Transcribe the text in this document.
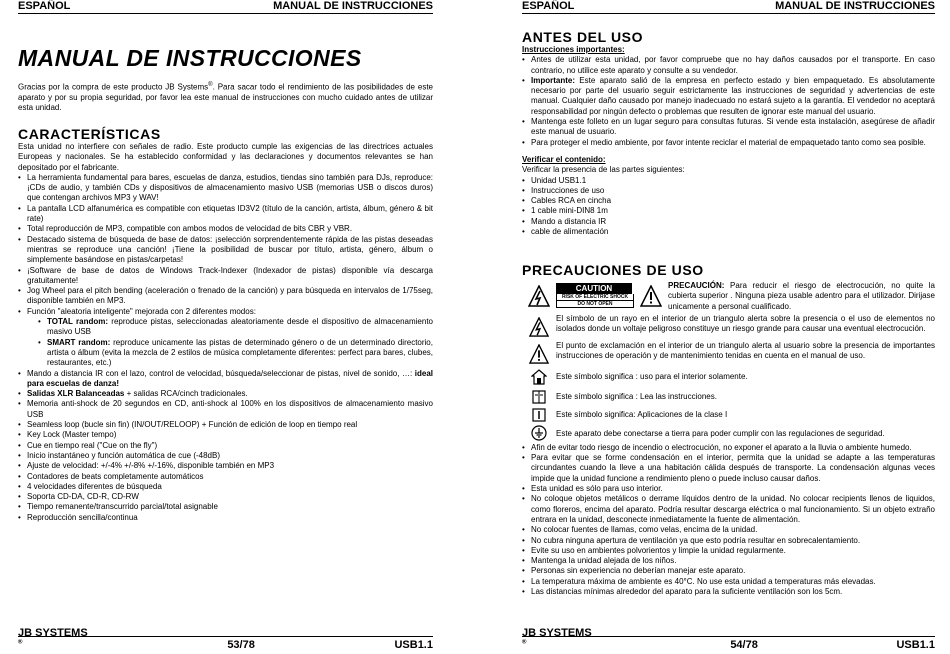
ESPAÑOL	MANUAL DE INSTRUCCIONES
MANUAL DE INSTRUCCIONES

Gracias por la compra de este producto JB Systems®. Para sacar todo el rendimiento de las posibilidades de este aparato y por su propia seguridad, por favor lea este manual de instrucciones con mucho cuidado antes de utilizar esta unidad.

CARACTERÍSTICAS

Esta unidad no interfiere con señales de radio. Este producto cumple las exigencias de las directrices actuales Europeas y nacionales. Se ha establecido conformidad y las declaraciones y documentos relevantes se han depositado por el fabricante.

• La herramienta fundamental para bares, escuelas de danza, estudios, tiendas sino también para DJs, reproduce: ¡CDs de audio, y también CDs y dispositivos de almacenamiento masivo USB (memorias USB o discos duros) que contengan archivos MP3 y WAV!
• La pantalla LCD alfanumérica es compatible con etiquetas ID3V2 (título de la canción, artista, álbum, género & bit rate)
• Total reproducción de MP3, compatible con ambos modos de velocidad de bits CBR y VBR.
• Destacado sistema de búsqueda de base de datos: ¡selección sorprendentemente rápida de las pistas deseadas mientras se reproduce una canción! ¡Tiene la posibilidad de buscar por título, artista, género, álbum o simplemente basándose en pistas/carpetas!
• ¡Software de base de datos de Windows Track-Indexer (Indexador de pistas) disponible vía descarga gratuitamente!
• Jog Wheel para el pitch bending (aceleración o frenado de la canción) y para búsqueda en intervalos de 1/75seg, disponible también en MP3.
• Función "aleatoria inteligente" mejorada con 2 diferentes modos:
• TOTAL random: reproduce pistas, seleccionadas aleatoriamente desde el dispositivo de almacenamiento masivo USB
• SMART random: reproduce unicamente las pistas de determinado género o de un determinado directorio, artista o álbum (evita la mezcla de 2 estilos de música completamente diferentes: perfect para bares, clubes, restaurantes, etc.)
• Mando a distancia IR con el lazo, control de velocidad, búsqueda/seleccionar de pistas, nivel de sonido, …: ideal para escuelas de danza!
• Salidas XLR Balanceadas + salidas RCA/cinch tradicionales.
• Memoria anti-shock de 20 segundos en CD, anti-shock al 100% en los dispositivos de almacenamiento masivo USB
• Seamless loop (bucle sin fin) (IN/OUT/RELOOP) + Función de edición de loop en tiempo real
• Key Lock (Master tempo)
• Cue en tiempo real ("Cue on the fly")
• Inicio instantáneo y función automática de cue (-48dB)
• Ajuste de velocidad: +/-4% +/-8% +/-16%, disponible también en MP3
• Contadores de beats completamente automáticos
• 4 velocidades diferentes de búsqueda
• Soporta CD-DA, CD-R, CD-RW
• Tiempo remanente/transcurrido parcial/total asignable
• Reproducción sencilla/continua
JB SYSTEMS
®	53/78	USB1.1
ESPAÑOL	MANUAL DE INSTRUCCIONES
ANTES DEL USO

Instrucciones importantes:

• Antes de utilizar esta unidad, por favor compruebe que no hay daños causados por el transporte. En caso contrario, no utilice este aparato y consulte a su vendedor.
• Importante: Este aparato salió de la empresa en perfecto estado y bien empaquetado. Es absolutamente necesario por parte del usuario seguir estrictamente las instrucciones de seguridad y advertencias de este manual. Cualquier daño causado por manejo inadecuado no estará sujeto a la garantía. El vendedor no aceptará responsabilidad por ningún defecto o problemas que resulten de ignorar este manual del usuario.
• Mantenga este folleto en un lugar seguro para consultas futuras. Si vende esta instalación, asegúrese de añadir este manual de usuario.
• Para proteger el medio ambiente, por favor intente reciclar el material de empaquetado tanto como sea posible.

Verificar el contenido:

Verificar la presencia de las partes siguientes:

• Unidad USB1.1
• Instrucciones de uso
• Cables RCA en cincha
• 1 cable mini-DIN8 1m
• Mando a distancia IR
• cable de alimentación
PRECAUCIONES DE USO
CAUTION
RISK OF ELECTRIC SHOCK
DO NOT OPEN
PRECAUCIÓN: Para reducir el riesgo de electrocución, no quite la cubierta superior . Ninguna pieza usable adentro para el utilizador. Dirijase unicamente a personal cualificado.
El símbolo de un rayo en el interior de un triangulo alerta sobre la presencia o el uso de elementos no isolados donde un voltaje peligroso constituye un riesgo grande para causar una eventual electrocución.
El punto de exclamación en el interior de un triangulo alerta al usuario sobre la presencia de importantes instrucciones de operación y de mantenimiento tenidas en cuenta en el manual de uso.
Este símbolo significa : uso para el interior solamente.
Este símbolo significa : Lea las instrucciones.
Este símbolo significa: Aplicaciones de la clase I
Este aparato debe conectarse a tierra para poder cumplir con las regulaciones de seguridad.
• Afin de evitar todo riesgo de incendio o electrocución, no exponer el aparato a la lluvia o ambiente humedo.
• Para evitar que se forme condensación en el interior, permita que la unidad se adapte a las temperaturas circundantes cuando la lleve a una habitación cálida después de transporte. La condensación algunas veces impide que la unidad funcione a rendimiento pleno o puede incluso causar daños.
• Esta unidad es sólo para uso interior.
• No coloque objetos metálicos o derrame líquidos dentro de la unidad. No colocar recipients llenos de liquidos, como floreros, encima del aparato. Podría resultar descarga eléctrica o mal funcionamiento. Si un objeto extraño entrara en la unidad, desconecte inmediatamente la fuente de alimentación.
• No colocar fuentes de llamas, como velas, encima de la unidad.
• No cubra ninguna apertura de ventilación ya que esto podría resultar en sobrecalentamiento.
• Evite su uso en ambientes polvorientos y limpie la unidad regularmente.
• Mantenga la unidad alejada de los niños.
• Personas sin experiencia no deberían manejar este aparato.
• La temperatura máxima de ambiente es 40°C. No use esta unidad a temperaturas más elevadas.
• Las distancias mínimas alrededor del aparato para la suficiente ventilación son los 5cm.
JB SYSTEMS
®	54/78	USB1.1
